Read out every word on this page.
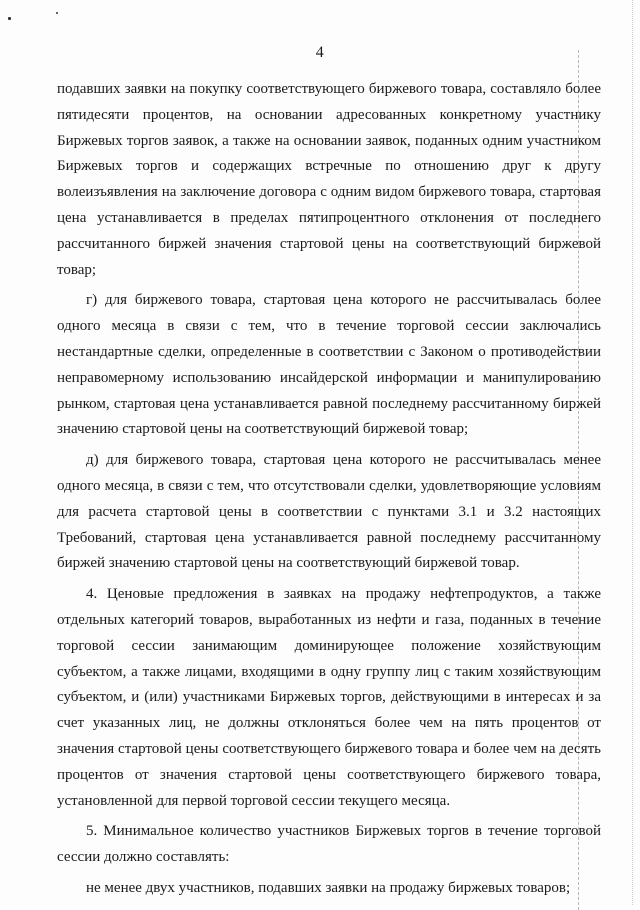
4

подавших заявки на покупку соответствующего биржевого товара, составляло более пятидесяти процентов, на основании адресованных конкретному участнику Биржевых торгов заявок, а также на основании заявок, поданных одним участником Биржевых торгов и содержащих встречные по отношению друг к другу волеизъявления на заключение договора с одним видом биржевого товара, стартовая цена устанавливается в пределах пятипроцентного отклонения от последнего рассчитанного биржей значения стартовой цены на соответствующий биржевой товар;

г) для биржевого товара, стартовая цена которого не рассчитывалась более одного месяца в связи с тем, что в течение торговой сессии заключались нестандартные сделки, определенные в соответствии с Законом о противодействии неправомерному использованию инсайдерской информации и манипулированию рынком, стартовая цена устанавливается равной последнему рассчитанному биржей значению стартовой цены на соответствующий биржевой товар;

д) для биржевого товара, стартовая цена которого не рассчитывалась менее одного месяца, в связи с тем, что отсутствовали сделки, удовлетворяющие условиям для расчета стартовой цены в соответствии с пунктами 3.1 и 3.2 настоящих Требований, стартовая цена устанавливается равной последнему рассчитанному биржей значению стартовой цены на соответствующий биржевой товар.

4. Ценовые предложения в заявках на продажу нефтепродуктов, а также отдельных категорий товаров, выработанных из нефти и газа, поданных в течение торговой сессии занимающим доминирующее положение хозяйствующим субъектом, а также лицами, входящими в одну группу лиц с таким хозяйствующим субъектом, и (или) участниками Биржевых торгов, действующими в интересах и за счет указанных лиц, не должны отклоняться более чем на пять процентов от значения стартовой цены соответствующего биржевого товара и более чем на десять процентов от значения стартовой цены соответствующего биржевого товара, установленной для первой торговой сессии текущего месяца.

5. Минимальное количество участников Биржевых торгов в течение торговой сессии должно составлять:

не менее двух участников, подавших заявки на продажу биржевых товаров;
